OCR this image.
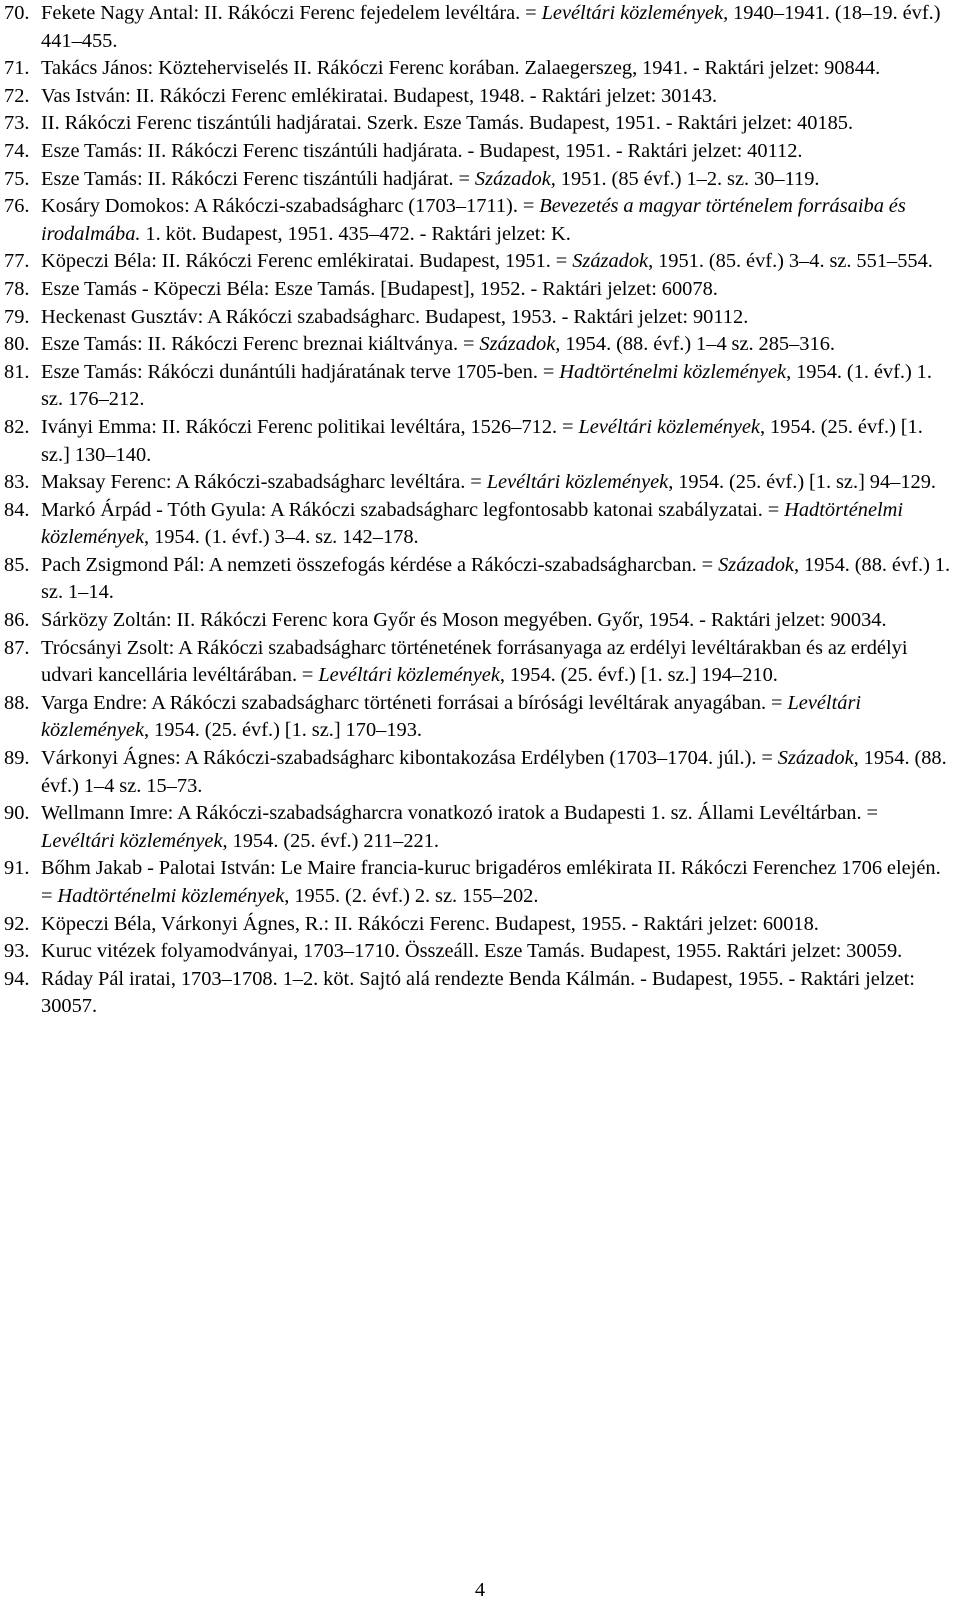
70. Fekete Nagy Antal: II. Rákóczi Ferenc fejedelem levéltára. = Levéltári közlemények, 1940–1941. (18–19. évf.) 441–455.
71. Takács János: Közteherviselés II. Rákóczi Ferenc korában. Zalaegerszeg, 1941. - Raktári jelzet: 90844.
72. Vas István: II. Rákóczi Ferenc emlékiratai. Budapest, 1948. - Raktári jelzet: 30143.
73. II. Rákóczi Ferenc tiszántúli hadjáratai. Szerk. Esze Tamás. Budapest, 1951. - Raktári jelzet: 40185.
74. Esze Tamás: II. Rákóczi Ferenc tiszántúli hadjárata. - Budapest, 1951. - Raktári jelzet: 40112.
75. Esze Tamás: II. Rákóczi Ferenc tiszántúli hadjárat. = Századok, 1951. (85 évf.) 1–2. sz. 30–119.
76. Kosáry Domokos: A Rákóczi-szabadságharc (1703–1711). = Bevezetés a magyar történelem forrásaiba és irodalmába. 1. köt. Budapest, 1951. 435–472. - Raktári jelzet: K.
77. Köpeczi Béla: II. Rákóczi Ferenc emlékiratai. Budapest, 1951. = Századok, 1951. (85. évf.) 3–4. sz. 551–554.
78. Esze Tamás - Köpeczi Béla: Esze Tamás. [Budapest], 1952. - Raktári jelzet: 60078.
79. Heckenast Gusztáv: A Rákóczi szabadságharc. Budapest, 1953. - Raktári jelzet: 90112.
80. Esze Tamás: II. Rákóczi Ferenc breznai kiáltványa. = Századok, 1954. (88. évf.) 1–4 sz. 285–316.
81. Esze Tamás: Rákóczi dunántúli hadjáratának terve 1705-ben. = Hadtörténelmi közlemények, 1954. (1. évf.) 1. sz. 176–212.
82. Iványi Emma: II. Rákóczi Ferenc politikai levéltára, 1526–712. = Levéltári közlemények, 1954. (25. évf.) [1. sz.] 130–140.
83. Maksay Ferenc: A Rákóczi-szabadságharc levéltára. = Levéltári közlemények, 1954. (25. évf.) [1. sz.] 94–129.
84. Markó Árpád - Tóth Gyula: A Rákóczi szabadságharc legfontosabb katonai szabályzatai. = Hadtörténelmi közlemények, 1954. (1. évf.) 3–4. sz. 142–178.
85. Pach Zsigmond Pál: A nemzeti összefogás kérdése a Rákóczi-szabadságharcban. = Századok, 1954. (88. évf.) 1. sz. 1–14.
86. Sárközy Zoltán: II. Rákóczi Ferenc kora Győr és Moson megyében. Győr, 1954. - Raktári jelzet: 90034.
87. Trócsányi Zsolt: A Rákóczi szabadságharc történetének forrásanyaga az erdélyi levéltárakban és az erdélyi udvari kancellária levéltárában. = Levéltári közlemények, 1954. (25. évf.) [1. sz.] 194–210.
88. Varga Endre: A Rákóczi szabadságharc történeti forrásai a bírósági levéltárak anyagában. = Levéltári közlemények, 1954. (25. évf.) [1. sz.] 170–193.
89. Várkonyi Ágnes: A Rákóczi-szabadságharc kibontakozása Erdélyben (1703–1704. júl.). = Századok, 1954. (88. évf.) 1–4 sz. 15–73.
90. Wellmann Imre: A Rákóczi-szabadságharcra vonatkozó iratok a Budapesti 1. sz. Állami Levéltárban. = Levéltári közlemények, 1954. (25. évf.) 211–221.
91. Bőhm Jakab - Palotai István: Le Maire francia-kuruc brigadéros emlékirata II. Rákóczi Ferenchez 1706 elején. = Hadtörténelmi közlemények, 1955. (2. évf.) 2. sz. 155–202.
92. Köpeczi Béla, Várkonyi Ágnes, R.: II. Rákóczi Ferenc. Budapest, 1955. - Raktári jelzet: 60018.
93. Kuruc vitézek folyamodványai, 1703–1710. Összeáll. Esze Tamás. Budapest, 1955. Raktári jelzet: 30059.
94. Ráday Pál iratai, 1703–1708. 1–2. köt. Sajtó alá rendezte Benda Kálmán. - Budapest, 1955. - Raktári jelzet: 30057.
4
